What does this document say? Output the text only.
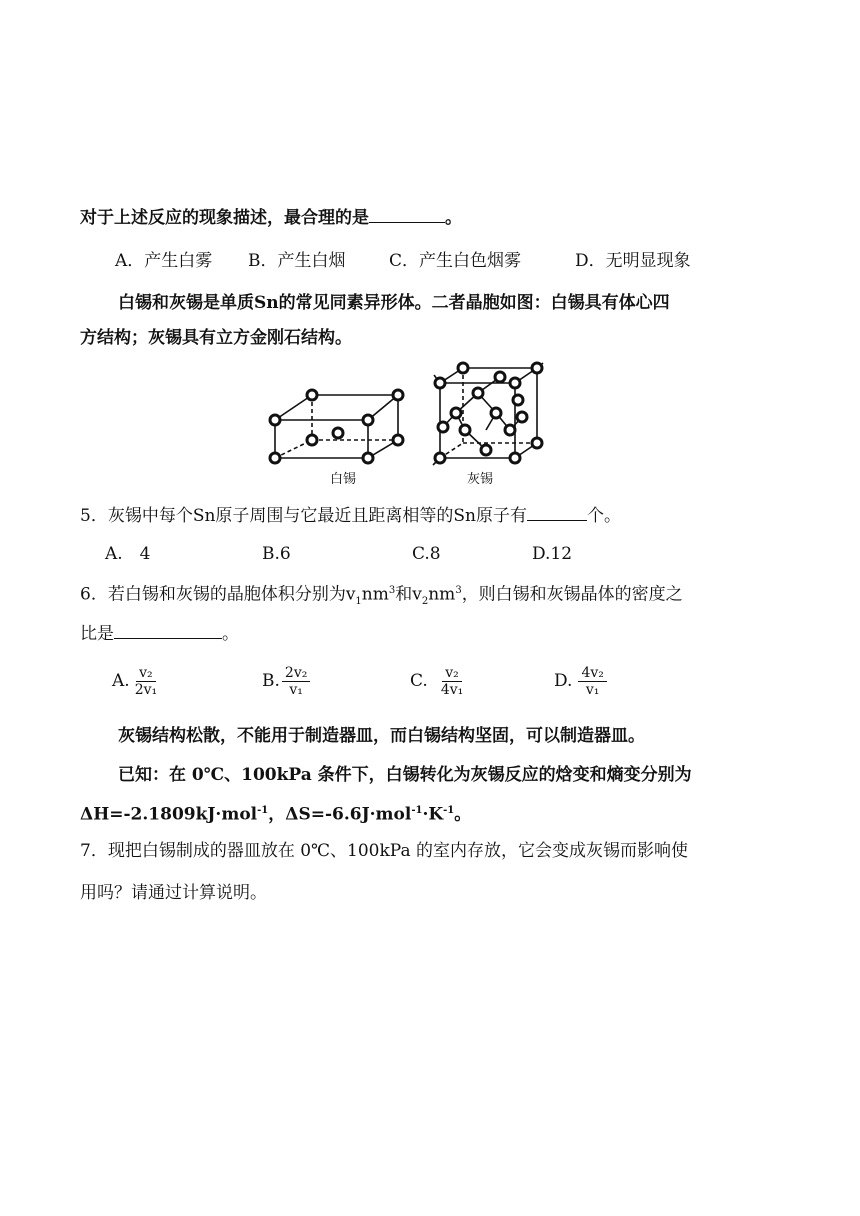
对于上述反应的现象描述，最合理的是	。
A．产生白雾 B．产生白烟	C．产生白色烟雾	D．无明显现象
白锡和灰锡是单质Sn的常见同素异形体。二者晶胞如图：白锡具有体心四
方结构；灰锡具有立方金刚石结构。
白锡	灰锡
5．灰锡中每个Sn原子周围与它最近且距离相等的Sn原子有	个。
A.　4	B.6	C.8	D.12
6．若白锡和灰锡的晶胞体积分别为$v_1nm^3$和$v_2nm^3$，则白锡和灰锡晶体的密度之
比是	。
A. $\frac{\text{v₂}}{\text{2v₁}}$	B. $\frac{\text{2v₂}}{\text{v₁}}$	C. $\frac{\text{v₂}}{\text{4v₁}}$	D. $\frac{\text{4v₂}}{\text{v₁}}$
灰锡结构松散，不能用于制造器皿，而白锡结构坚固，可以制造器皿。
已知：在 0℃、100kPa 条件下，白锡转化为灰锡反应的焓变和熵变分别为
ΔH=-2.1809kJ·mol$^{-1}$，$\Delta S=-6.6J\cdot mol^{-1}\cdot K^{-1}$。
7．现把白锡制成的器皿放在 0℃、100kPa 的室内存放，它会变成灰锡而影响使
用吗？请通过计算说明。
